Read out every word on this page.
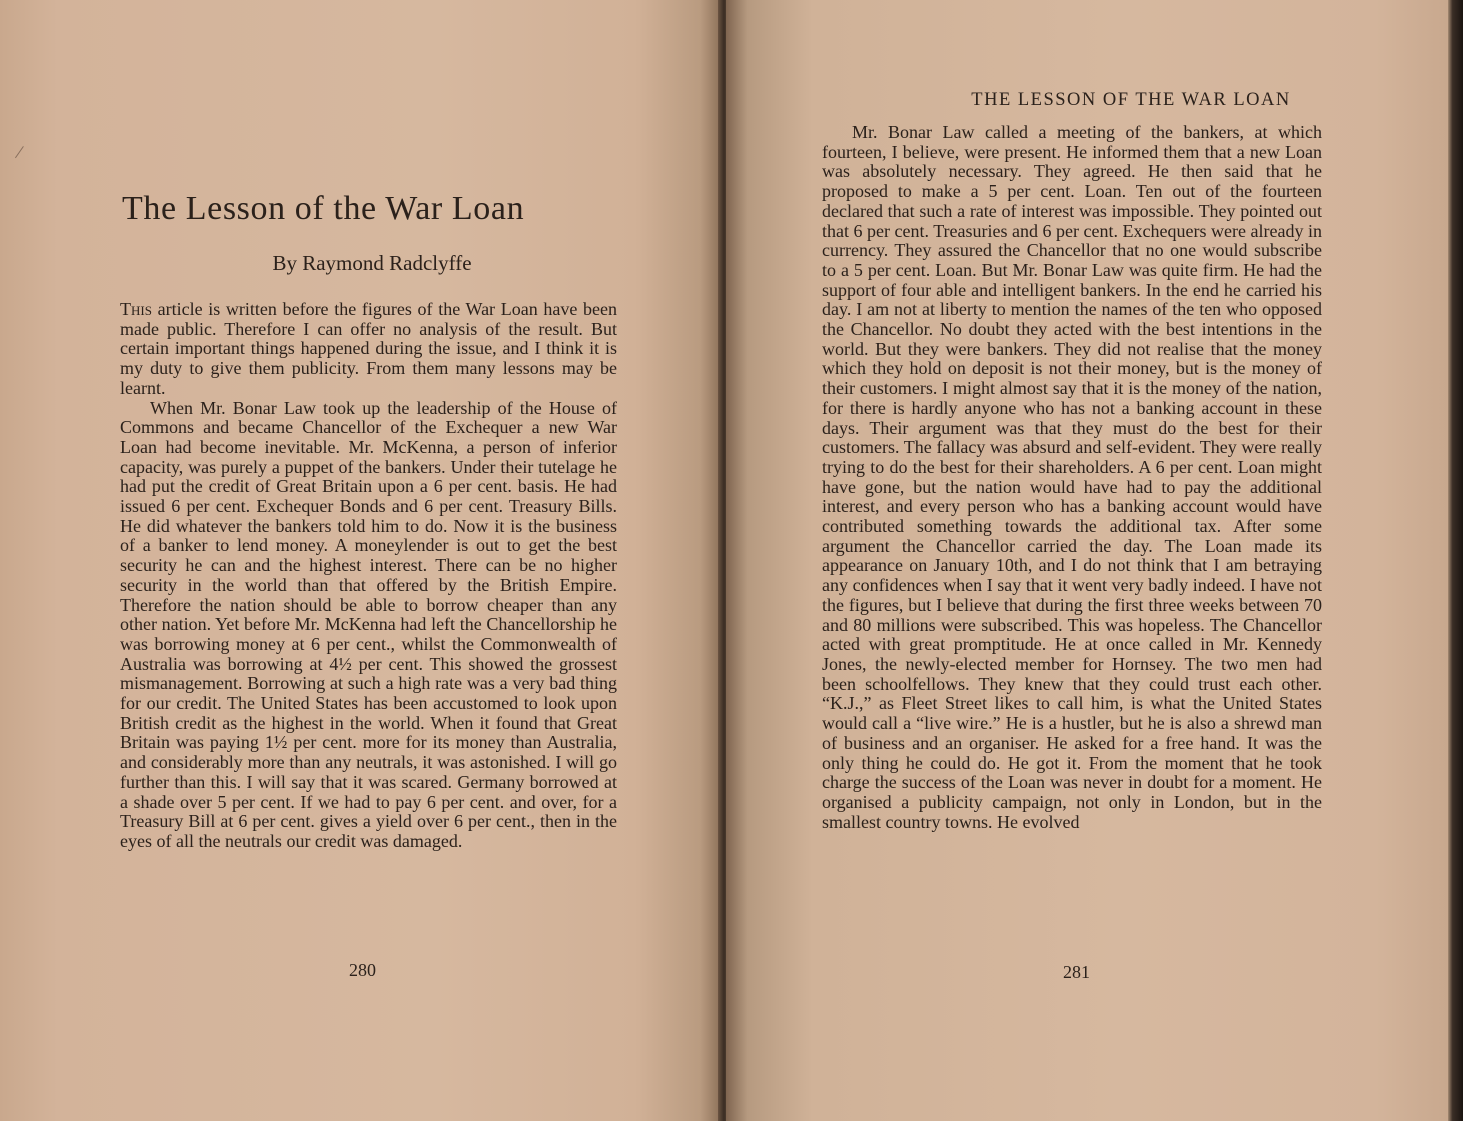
The Lesson of the War Loan
By Raymond Radclyffe

This article is written before the figures of the War Loan have been made public. Therefore I can offer no analysis of the result. But certain important things happened during the issue, and I think it is my duty to give them publicity. From them many lessons may be learnt.

When Mr. Bonar Law took up the leadership of the House of Commons and became Chancellor of the Exchequer a new War Loan had become inevitable. Mr. McKenna, a person of inferior capacity, was purely a puppet of the bankers. Under their tutelage he had put the credit of Great Britain upon a 6 per cent. basis. He had issued 6 per cent. Exchequer Bonds and 6 per cent. Treasury Bills. He did whatever the bankers told him to do. Now it is the business of a banker to lend money. A moneylender is out to get the best security he can and the highest interest. There can be no higher security in the world than that offered by the British Empire. Therefore the nation should be able to borrow cheaper than any other nation. Yet before Mr. McKenna had left the Chancellorship he was borrowing money at 6 per cent., whilst the Commonwealth of Australia was borrowing at 4½ per cent. This showed the grossest mismanagement. Borrowing at such a high rate was a very bad thing for our credit. The United States has been accustomed to look upon British credit as the highest in the world. When it found that Great Britain was paying 1½ per cent. more for its money than Australia, and considerably more than any neutrals, it was astonished. I will go further than this. I will say that it was scared. Germany borrowed at a shade over 5 per cent. If we had to pay 6 per cent. and over, for a Treasury Bill at 6 per cent. gives a yield over 6 per cent., then in the eyes of all the neutrals our credit was damaged.

280
THE LESSON OF THE WAR LOAN

Mr. Bonar Law called a meeting of the bankers, at which fourteen, I believe, were present. He informed them that a new Loan was absolutely necessary. They agreed. He then said that he proposed to make a 5 per cent. Loan. Ten out of the fourteen declared that such a rate of interest was impossible. They pointed out that 6 per cent. Treasuries and 6 per cent. Exchequers were already in currency. They assured the Chancellor that no one would subscribe to a 5 per cent. Loan. But Mr. Bonar Law was quite firm. He had the support of four able and intelligent bankers. In the end he carried his day. I am not at liberty to mention the names of the ten who opposed the Chancellor. No doubt they acted with the best intentions in the world. But they were bankers. They did not realise that the money which they hold on deposit is not their money, but is the money of their customers. I might almost say that it is the money of the nation, for there is hardly anyone who has not a banking account in these days. Their argument was that they must do the best for their customers. The fallacy was absurd and self-evident. They were really trying to do the best for their shareholders. A 6 per cent. Loan might have gone, but the nation would have had to pay the additional interest, and every person who has a banking account would have contributed something towards the additional tax. After some argument the Chancellor carried the day. The Loan made its appearance on January 10th, and I do not think that I am betraying any confidences when I say that it went very badly indeed. I have not the figures, but I believe that during the first three weeks between 70 and 80 millions were subscribed. This was hopeless. The Chancellor acted with great promptitude. He at once called in Mr. Kennedy Jones, the newly-elected member for Hornsey. The two men had been schoolfellows. They knew that they could trust each other. “K.J.,” as Fleet Street likes to call him, is what the United States would call a “live wire.” He is a hustler, but he is also a shrewd man of business and an organiser. He asked for a free hand. It was the only thing he could do. He got it. From the moment that he took charge the success of the Loan was never in doubt for a moment. He organised a publicity campaign, not only in London, but in the smallest country towns. He evolved

281
